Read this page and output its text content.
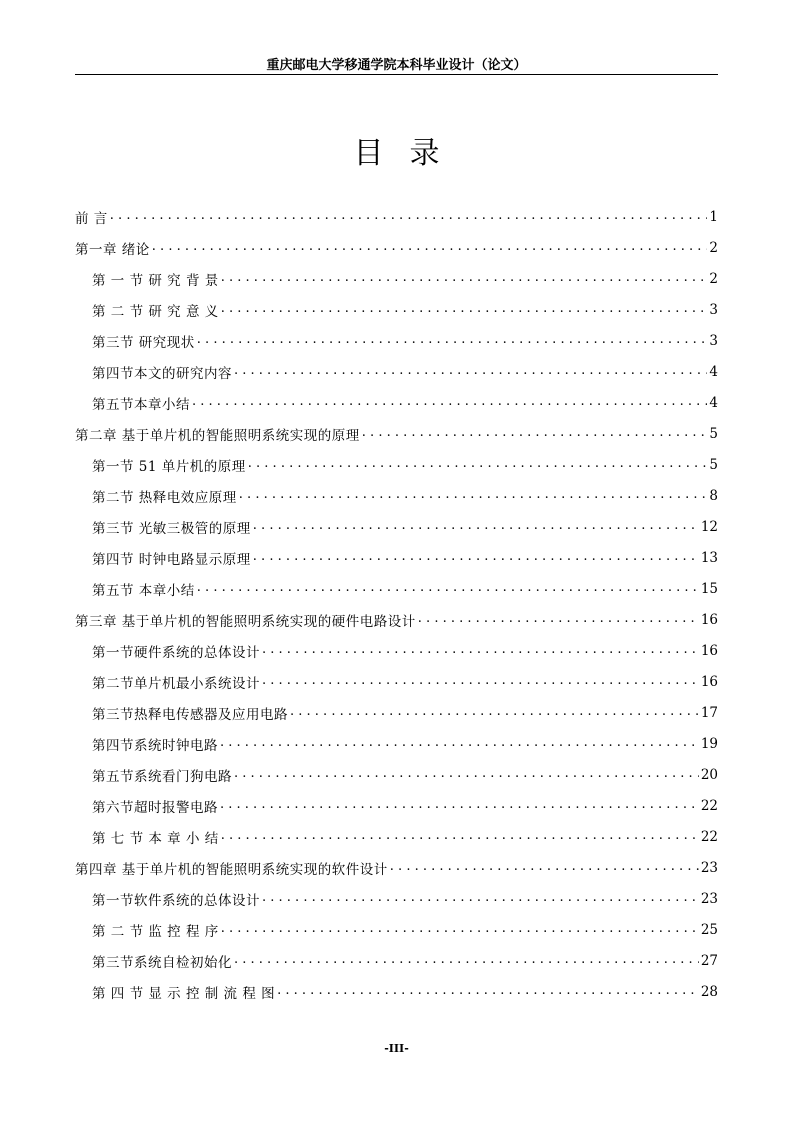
重庆邮电大学移通学院本科毕业设计（论文）
目录
前 言 . . .	1
第一章 绪论 . . .	2
第 一 节 研 究 背 景 . . .	2
第 二 节 研 究 意 义 . . .	3
第三节 研究现状 . . .	3
第四节本文的研究内容 . . .	4
第五节本章小结 . . .	4
第二章 基于单片机的智能照明系统实现的原理 . . .	5
第一节 51 单片机的原理 . . .	5
第二节 热释电效应原理 . . .	8
第三节 光敏三极管的原理 . . .	12
第四节 时钟电路显示原理 . . .	13
第五节 本章小结 . . .	15
第三章 基于单片机的智能照明系统实现的硬件电路设计 . . .	16
第一节硬件系统的总体设计 . . .	16
第二节单片机最小系统设计 . . .	16
第三节热释电传感器及应用电路 . . .	17
第四节系统时钟电路 . . .	19
第五节系统看门狗电路 . . .	20
第六节超时报警电路 . . .	22
第 七 节 本 章 小 结 . . .	22
第四章 基于单片机的智能照明系统实现的软件设计 . . .	23
第一节软件系统的总体设计 . . .	23
第 二 节 监 控 程 序 . . .	25
第三节系统自检初始化 . . .	27
第 四 节 显 示 控 制 流 程 图 . . .	28
-III-
